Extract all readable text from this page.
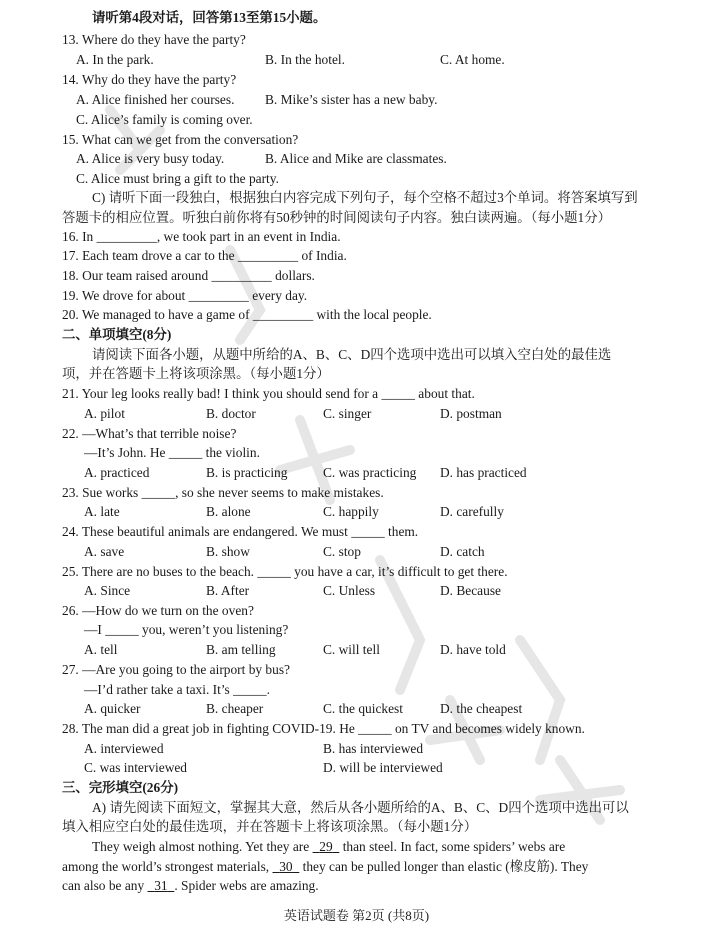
请听第4段对话，回答第13至第15小题。
13. Where do they have the party?
A. In the park.	B. In the hotel.	C. At home.
14. Why do they have the party?
A. Alice finished her courses. B. Mike’s sister has a new baby.
C. Alice’s family is coming over.
15. What can we get from the conversation?
A. Alice is very busy today.	B. Alice and Mike are classmates.
C. Alice must bring a gift to the party.
C) 请听下面一段独白，根据独白内容完成下列句子，每个空格不超过3个单词。将答案填写到
答题卡的相应位置。听独白前你将有50秒钟的时间阅读句子内容。独白读两遍。（每小题1分）
16. In _________, we took part in an event in India.
17. Each team drove a car to the _________ of India.
18. Our team raised around _________ dollars.
19. We drove for about _________ every day.
20. We managed to have a game of _________ with the local people.
二、单项填空(8分)
请阅读下面各小题，从题中所给的A、B、C、D四个选项中选出可以填入空白处的最佳选
项，并在答题卡上将该项涂黑。（每小题1分）
21. Your leg looks really bad! I think you should send for a _____ about that.
A. pilot	B. doctor	C. singer	D. postman
22. —What’s that terrible noise?
—It’s John. He _____ the violin.
A. practiced	B. is practicing	C. was practicing D. has practiced
23. Sue works _____, so she never seems to make mistakes.
A. late	B. alone	C. happily	D. carefully
24. These beautiful animals are endangered. We must _____ them.
A. save	B. show	C. stop	D. catch
25. There are no buses to the beach. _____ you have a car, it’s difficult to get there.
A. Since	B. After	C. Unless	D. Because
26. —How do we turn on the oven?
—I _____ you, weren’t you listening?
A. tell	B. am telling	C. will tell	D. have told
27. —Are you going to the airport by bus?
—I’d rather take a taxi. It’s _____.
A. quicker	B. cheaper	C. the quickest	D. the cheapest
28. The man did a great job in fighting COVID-19. He _____ on TV and becomes widely known.
A. interviewed	B. has interviewed
C. was interviewed	D. will be interviewed
三、完形填空(26分)
A) 请先阅读下面短文，掌握其大意，然后从各小题所给的A、B、C、D四个选项中选出可以
填入相应空白处的最佳选项，并在答题卡上将该项涂黑。（每小题1分）
They weigh almost nothing. Yet they are   29   than steel. In fact, some spiders’ webs are
among the world’s strongest materials,   30   they can be pulled longer than elastic (橡皮筋). They
can also be any   31 . Spider webs are amazing.
英语试题卷 第2页 (共8页)
